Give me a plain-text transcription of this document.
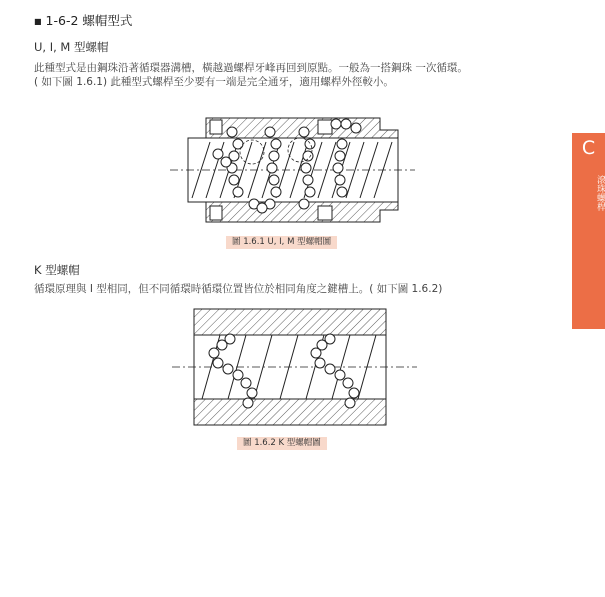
■ 1-6-2 螺帽型式
U, I, M 型螺帽
此種型式是由鋼珠沿著循環器溝槽，橫越過螺桿牙峰再回到原點。一般為一搭鋼珠 一次循環。
( 如下圖 1.6.1) 此種型式螺桿至少要有一端是完全通牙，適用螺桿外徑較小。
圖 1.6.1 U, I, M 型螺帽圖
K 型螺帽
循環原理與 I 型相同，但不同循環時循環位置皆位於相同角度之鍵槽上。( 如下圖 1.6.2)
圖 1.6.2 K 型螺帽圖
C
滾珠螺桿
